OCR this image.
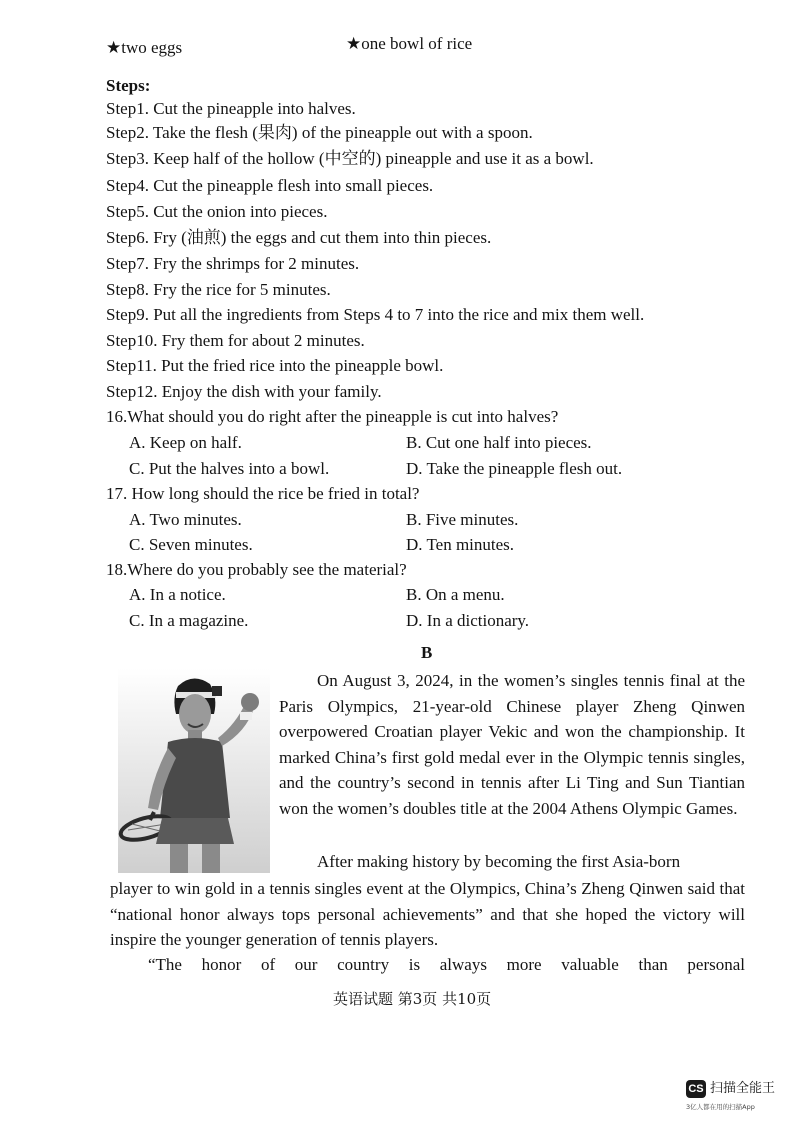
★two eggs	★one bowl of rice
Steps:
Step1. Cut the pineapple into halves.
Step2. Take the flesh (果肉) of the pineapple out with a spoon.
Step3. Keep half of the hollow (中空的) pineapple and use it as a bowl.
Step4. Cut the pineapple flesh into small pieces.
Step5. Cut the onion into pieces.
Step6. Fry (油煎) the eggs and cut them into thin pieces.
Step7. Fry the shrimps for 2 minutes.
Step8. Fry the rice for 5 minutes.
Step9. Put all the ingredients from Steps 4 to 7 into the rice and mix them well.
Step10. Fry them for about 2 minutes.
Step11. Put the fried rice into the pineapple bowl.
Step12. Enjoy the dish with your family.
16.What should you do right after the pineapple is cut into halves?
A. Keep on half.	B. Cut one half into pieces.
C. Put the halves into a bowl.	D. Take the pineapple flesh out.
17. How long should the rice be fried in total?
A. Two minutes.	B. Five minutes.
C. Seven minutes.	D. Ten minutes.
18.Where do you probably see the material?
A. In a notice.	B. On a menu.
C. In a magazine.	D. In a dictionary.
B
On August 3, 2024, in the women’s singles tennis final at the Paris Olympics, 21-year-old Chinese player Zheng Qinwen overpowered Croatian player Vekic and won the championship. It marked China’s first gold medal ever in the Olympic tennis singles, and the country’s second in tennis after Li Ting and Sun Tiantian won the women’s doubles title at the 2004 Athens Olympic Games.
After making history by becoming the first Asia-born
player to win gold in a tennis singles event at the Olympics, China’s Zheng Qinwen said that “national honor always tops personal achievements” and that she hoped the victory will inspire the younger generation of tennis players.
“The honor of our country is always more valuable than personal
英语试题 第3页 共10页
CS 扫描全能王
3亿人都在用的扫描App
